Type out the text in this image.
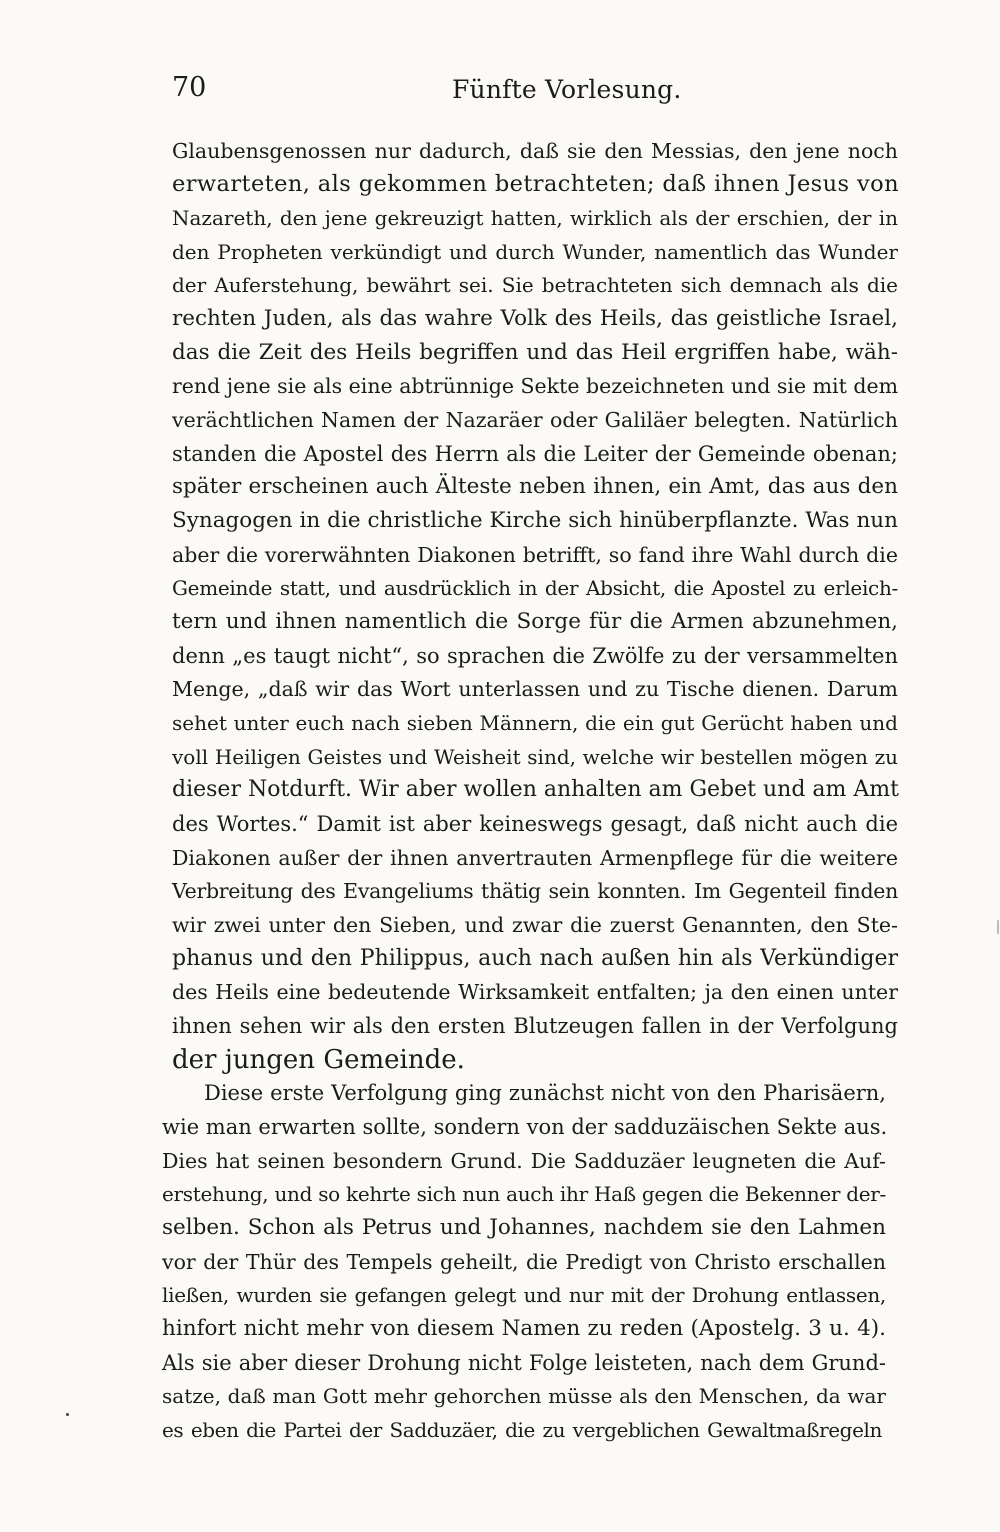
70	Fünfte Vorlesung.
Glaubensgenossen nur dadurch, daß sie den Messias, den jene noch
erwarteten, als gekommen betrachteten; daß ihnen Jesus von
Nazareth, den jene gekreuzigt hatten, wirklich als der erschien, der in
den Propheten verkündigt und durch Wunder, namentlich das Wunder
der Auferstehung, bewährt sei. Sie betrachteten sich demnach als die
rechten Juden, als das wahre Volk des Heils, das geistliche Israel,
das die Zeit des Heils begriffen und das Heil ergriffen habe, wäh-
rend jene sie als eine abtrünnige Sekte bezeichneten und sie mit dem
verächtlichen Namen der Nazaräer oder Galiläer belegten. Natürlich
standen die Apostel des Herrn als die Leiter der Gemeinde obenan;
später erscheinen auch Älteste neben ihnen, ein Amt, das aus den
Synagogen in die christliche Kirche sich hinüberpflanzte. Was nun
aber die vorerwähnten Diakonen betrifft, so fand ihre Wahl durch die
Gemeinde statt, und ausdrücklich in der Absicht, die Apostel zu erleich-
tern und ihnen namentlich die Sorge für die Armen abzunehmen,
denn „es taugt nicht“, so sprachen die Zwölfe zu der versammelten
Menge, „daß wir das Wort unterlassen und zu Tische dienen. Darum
sehet unter euch nach sieben Männern, die ein gut Gerücht haben und
voll Heiligen Geistes und Weisheit sind, welche wir bestellen mögen zu
dieser Notdurft. Wir aber wollen anhalten am Gebet und am Amt
des Wortes.“ Damit ist aber keineswegs gesagt, daß nicht auch die
Diakonen außer der ihnen anvertrauten Armenpflege für die weitere
Verbreitung des Evangeliums thätig sein konnten. Im Gegenteil finden
wir zwei unter den Sieben, und zwar die zuerst Genannten, den Ste-
phanus und den Philippus, auch nach außen hin als Verkündiger
des Heils eine bedeutende Wirksamkeit entfalten; ja den einen unter
ihnen sehen wir als den ersten Blutzeugen fallen in der Verfolgung
der jungen Gemeinde.
Diese erste Verfolgung ging zunächst nicht von den Pharisäern,
wie man erwarten sollte, sondern von der sadduzäischen Sekte aus.
Dies hat seinen besondern Grund. Die Sadduzäer leugneten die Auf-
erstehung, und so kehrte sich nun auch ihr Haß gegen die Bekenner der-
selben. Schon als Petrus und Johannes, nachdem sie den Lahmen
vor der Thür des Tempels geheilt, die Predigt von Christo erschallen
ließen, wurden sie gefangen gelegt und nur mit der Drohung entlassen,
hinfort nicht mehr von diesem Namen zu reden (Apostelg. 3 u. 4).
Als sie aber dieser Drohung nicht Folge leisteten, nach dem Grund-
satze, daß man Gott mehr gehorchen müsse als den Menschen, da war
es eben die Partei der Sadduzäer, die zu vergeblichen Gewaltmaßregeln
